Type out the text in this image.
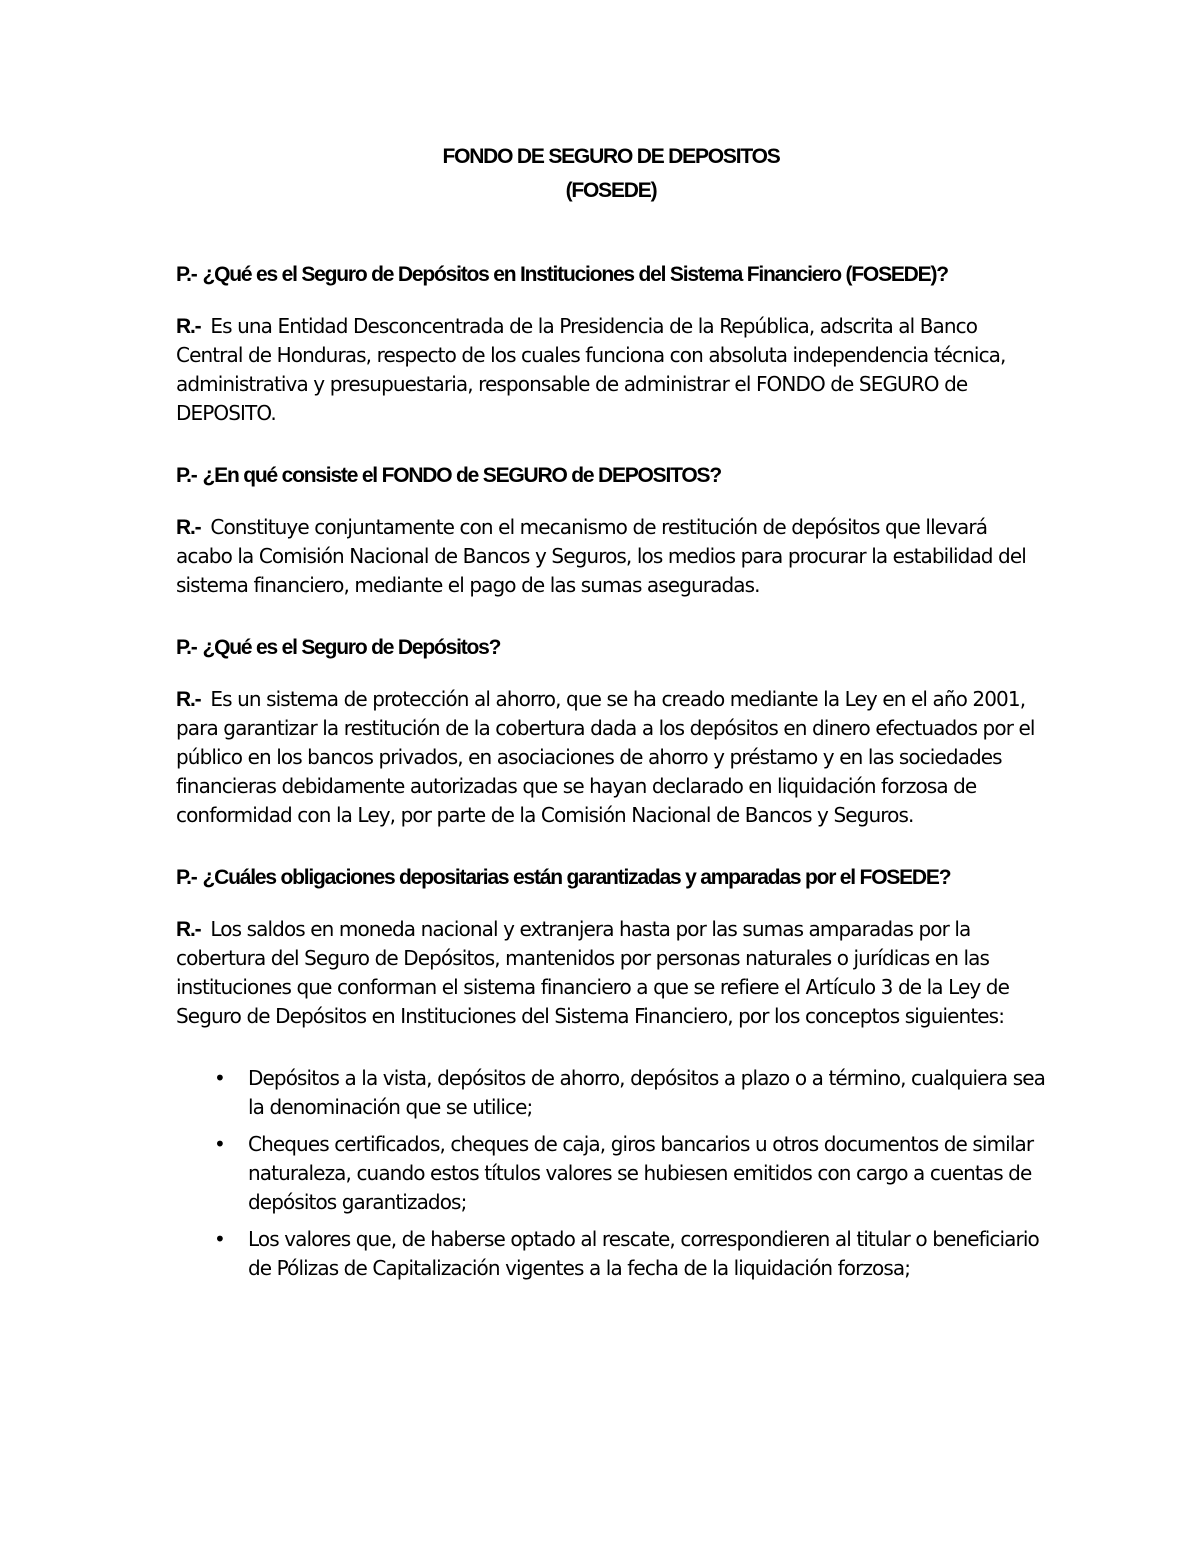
FONDO DE SEGURO DE DEPOSITOS

(FOSEDE)

P.- ¿Qué es el Seguro de Depósitos en Instituciones del Sistema Financiero (FOSEDE)?

R.- Es una Entidad Desconcentrada de la Presidencia de la República, adscrita al Banco Central de Honduras, respecto de los cuales funciona con absoluta independencia técnica, administrativa y presupuestaria, responsable de administrar el FONDO de SEGURO de DEPOSITO.

P.- ¿En qué consiste el FONDO de SEGURO de DEPOSITOS?

R.- Constituye conjuntamente con el mecanismo de restitución de depósitos que llevará acabo la Comisión Nacional de Bancos y Seguros, los medios para procurar la estabilidad del sistema financiero, mediante el pago de las sumas aseguradas.

P.- ¿Qué es el Seguro de Depósitos?

R.- Es un sistema de protección al ahorro, que se ha creado mediante la Ley en el año 2001, para garantizar la restitución de la cobertura dada a los depósitos en dinero efectuados por el público en los bancos privados, en asociaciones de ahorro y préstamo y en las sociedades financieras debidamente autorizadas que se hayan declarado en liquidación forzosa de conformidad con la Ley, por parte de la Comisión Nacional de Bancos y Seguros.

P.- ¿Cuáles obligaciones depositarias están garantizadas y amparadas por el FOSEDE?

R.- Los saldos en moneda nacional y extranjera hasta por las sumas amparadas por la cobertura del Seguro de Depósitos, mantenidos por personas naturales o jurídicas en las instituciones que conforman el sistema financiero a que se refiere el Artículo 3 de la Ley de Seguro de Depósitos en Instituciones del Sistema Financiero, por los conceptos siguientes:

• Depósitos a la vista, depósitos de ahorro, depósitos a plazo o a término, cualquiera sea la denominación que se utilice;
• Cheques certificados, cheques de caja, giros bancarios u otros documentos de similar naturaleza, cuando estos títulos valores se hubiesen emitidos con cargo a cuentas de depósitos garantizados;
• Los valores que, de haberse optado al rescate, correspondieren al titular o beneficiario de Pólizas de Capitalización vigentes a la fecha de la liquidación forzosa;
